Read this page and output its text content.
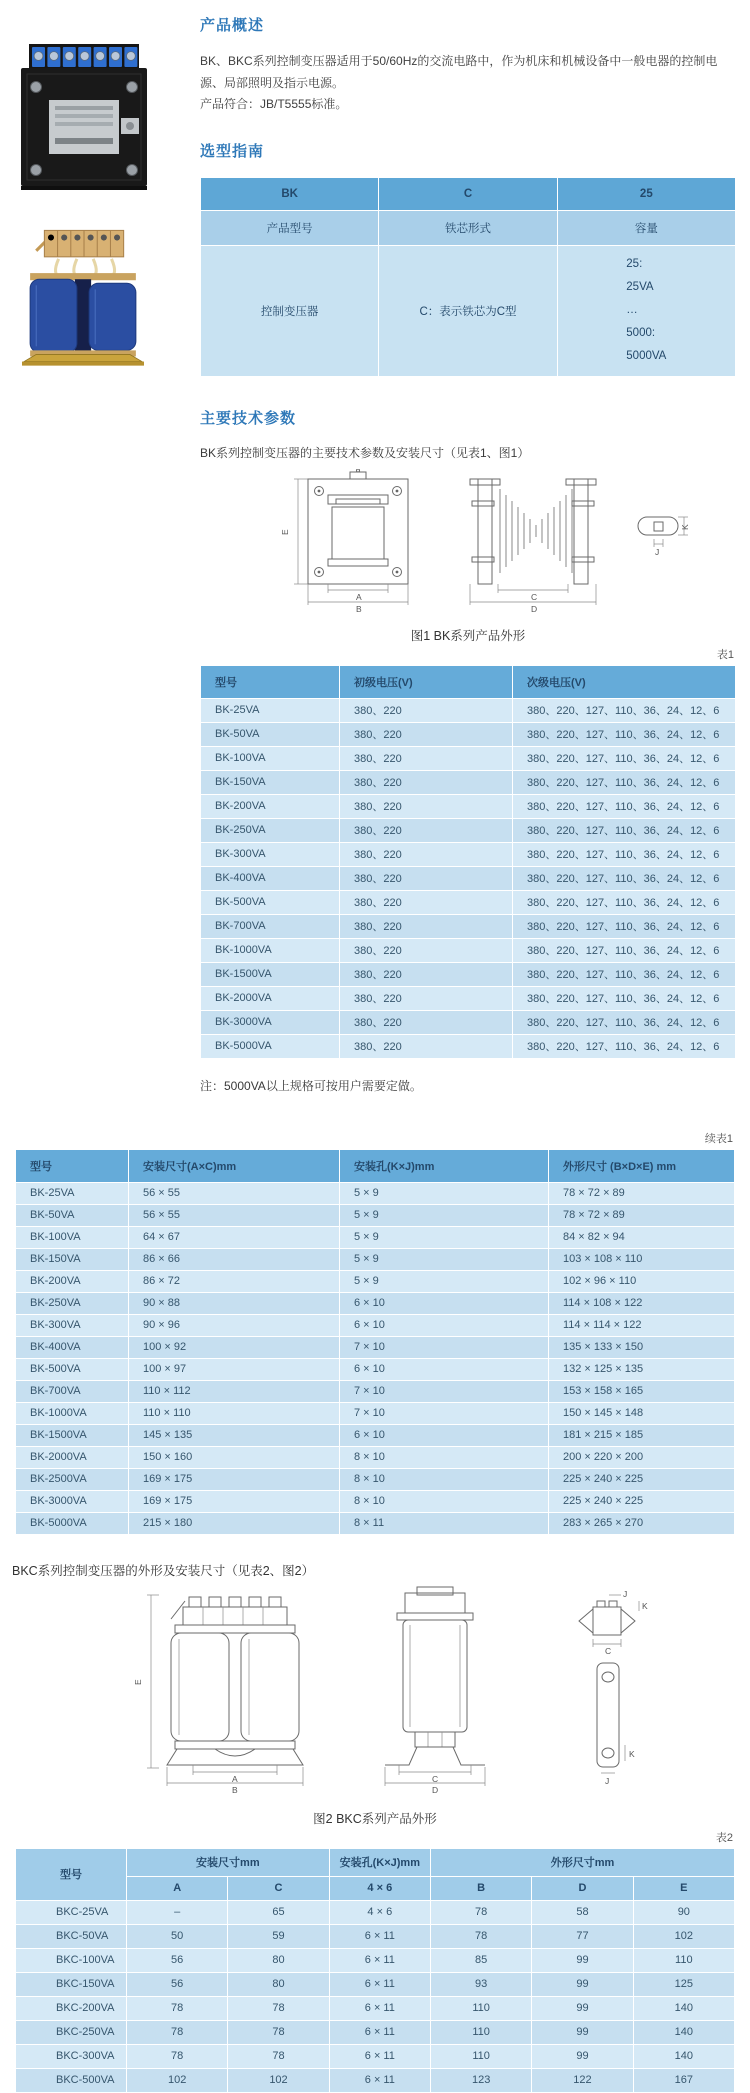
产品概述

BK、BKC系列控制变压器适用于50/60Hz的交流电路中，作为机床和机械设备中一般电器的控制电源、局部照明及指示电源。
产品符合：JB/T5555标准。

选型指南
BK	C	25
产品型号	铁芯形式	容量
控制变压器	C：表示铁芯为C型	25:
25VA
…
5000:
5000VA
主要技术参数

BK系列控制变压器的主要技术参数及安装尺寸（见表1、图1）

E
A
B
C
D
K
J
图1 BK系列产品外形
表1
型号	初级电压(V)	次级电压(V)
BK-25VA	380、220	380、220、127、110、36、24、12、6
BK-50VA	380、220	380、220、127、110、36、24、12、6
BK-100VA	380、220	380、220、127、110、36、24、12、6
BK-150VA	380、220	380、220、127、110、36、24、12、6
BK-200VA	380、220	380、220、127、110、36、24、12、6
BK-250VA	380、220	380、220、127、110、36、24、12、6
BK-300VA	380、220	380、220、127、110、36、24、12、6
BK-400VA	380、220	380、220、127、110、36、24、12、6
BK-500VA	380、220	380、220、127、110、36、24、12、6
BK-700VA	380、220	380、220、127、110、36、24、12、6
BK-1000VA	380、220	380、220、127、110、36、24、12、6
BK-1500VA	380、220	380、220、127、110、36、24、12、6
BK-2000VA	380、220	380、220、127、110、36、24、12、6
BK-3000VA	380、220	380、220、127、110、36、24、12、6
BK-5000VA	380、220	380、220、127、110、36、24、12、6

注：5000VA以上规格可按用户需要定做。

续表1
型号	安装尺寸(A×C)mm	安装孔(K×J)mm	外形尺寸 (B×D×E) mm
BK-25VA	56 × 55	5 × 9	78 × 72 × 89
BK-50VA	56 × 55	5 × 9	78 × 72 × 89
BK-100VA	64 × 67	5 × 9	84 × 82 × 94
BK-150VA	86 × 66	5 × 9	103 × 108 × 110
BK-200VA	86 × 72	5 × 9	102 × 96 × 110
BK-250VA	90 × 88	6 × 10	114 × 108 × 122
BK-300VA	90 × 96	6 × 10	114 × 114 × 122
BK-400VA	100 × 92	7 × 10	135 × 133 × 150
BK-500VA	100 × 97	6 × 10	132 × 125 × 135
BK-700VA	110 × 112	7 × 10	153 × 158 × 165
BK-1000VA	110 × 110	7 × 10	150 × 145 × 148
BK-1500VA	145 × 135	6 × 10	181 × 215 × 185
BK-2000VA	150 × 160	8 × 10	200 × 220 × 200
BK-2500VA	169 × 175	8 × 10	225 × 240 × 225
BK-3000VA	169 × 175	8 × 10	225 × 240 × 225
BK-5000VA	215 × 180	8 × 11	283 × 265 × 270

BKC系列控制变压器的外形及安装尺寸（见表2、图2）

E
A
B
C
D
J
K
C
K
J
图2 BKC系列产品外形
表2
型号	安装尺寸mm		安装孔(K×J)mm	外形尺寸mm		
	A	C	4 × 6	B	D	E
BKC-25VA	–	65	4 × 6	78	58	90
BKC-50VA	50	59	6 × 11	78	77	102
BKC-100VA	56	80	6 × 11	85	99	110
BKC-150VA	56	80	6 × 11	93	99	125
BKC-200VA	78	78	6 × 11	110	99	140
BKC-250VA	78	78	6 × 11	110	99	140
BKC-300VA	78	78	6 × 11	110	99	140
BKC-500VA	102	102	6 × 11	123	122	167
